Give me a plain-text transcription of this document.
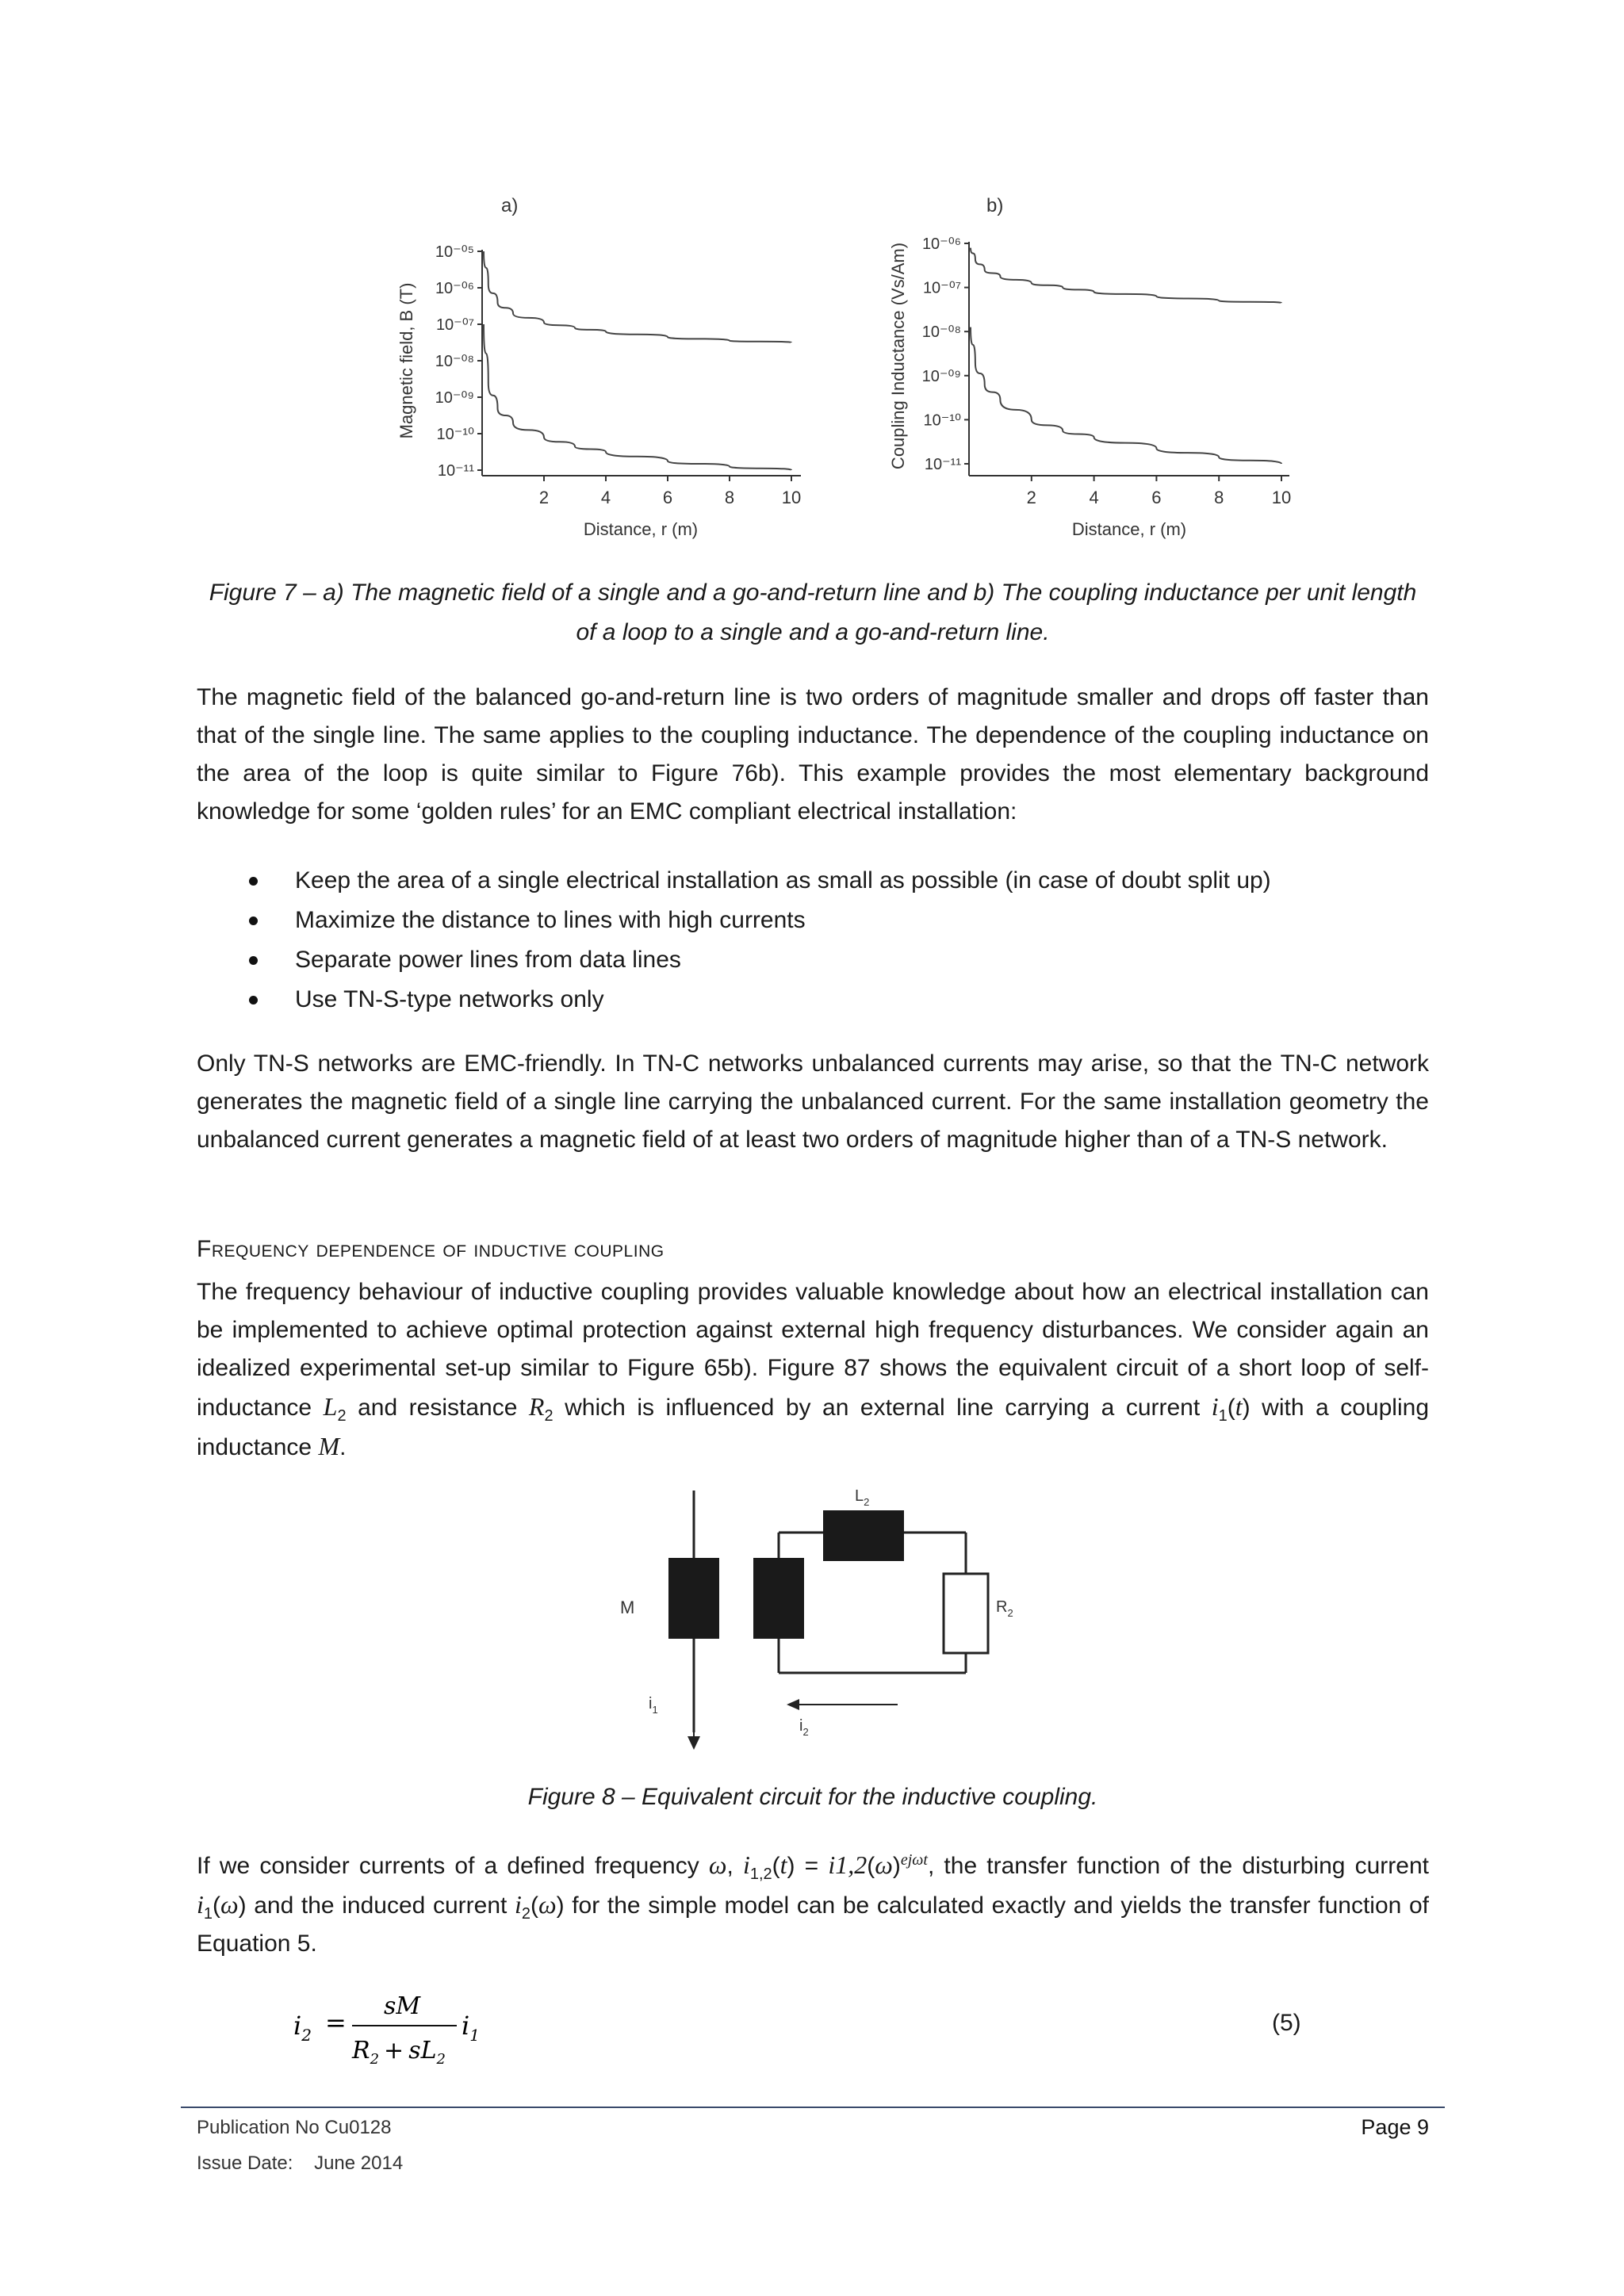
a)
10⁻⁰⁵
10⁻⁰⁶
10⁻⁰⁷
10⁻⁰⁸
10⁻⁰⁹
10⁻¹⁰
10⁻¹¹
2	4	6	8	10
Distance, r (m)
Magnetic field, B (T)
b)
10⁻⁰⁶
10⁻⁰⁷
10⁻⁰⁸
10⁻⁰⁹
10⁻¹⁰
10⁻¹¹
2	4	6	8	10
Distance, r (m)
Coupling Inductance (Vs/Am)
Figure 7 – a) The magnetic field of a single and a go-and-return line and b) The coupling inductance per unit length of a loop to a single and a go-and-return line.
The magnetic field of the balanced go-and-return line is two orders of magnitude smaller and drops off faster than that of the single line. The same applies to the coupling inductance. The dependence of the coupling inductance on the area of the loop is quite similar to Figure 76b). This example provides the most elementary background knowledge for some ‘golden rules’ for an EMC compliant electrical installation:
Keep the area of a single electrical installation as small as possible (in case of doubt split up)
Maximize the distance to lines with high currents
Separate power lines from data lines
Use TN-S-type networks only
Only TN-S networks are EMC-friendly. In TN-C networks unbalanced currents may arise, so that the TN-C network generates the magnetic field of a single line carrying the unbalanced current. For the same installation geometry the unbalanced current generates a magnetic field of at least two orders of magnitude higher than of a TN-S network.
Frequency dependence of inductive coupling
The frequency behaviour of inductive coupling provides valuable knowledge about how an electrical installation can be implemented to achieve optimal protection against external high frequency disturbances. We consider again an idealized experimental set-up similar to Figure 65b). Figure 87 shows the equivalent circuit of a short loop of self-inductance $L_2$ and resistance $R_2$ which is influenced by an external line carrying a current $i_1(t)$ with a coupling inductance M.
M
$i_1$
$L_2$
$R_2$
$i_2$
Figure 8 – Equivalent circuit for the inductive coupling.
If we consider currents of a defined frequency ω, $i_{1,2}(t) = i1,2(\omega)^{ej\omega t}$, the transfer function of the disturbing current $i_1(\omega)$ and the induced current $i_2(\omega)$ for the simple model can be calculated exactly and yields the transfer function of Equation 5.
$i_2$ =
sM
$R_2 + sL_2$
$i_1$	(5)
Publication No Cu0128
Issue Date: June 2014
Page 9
